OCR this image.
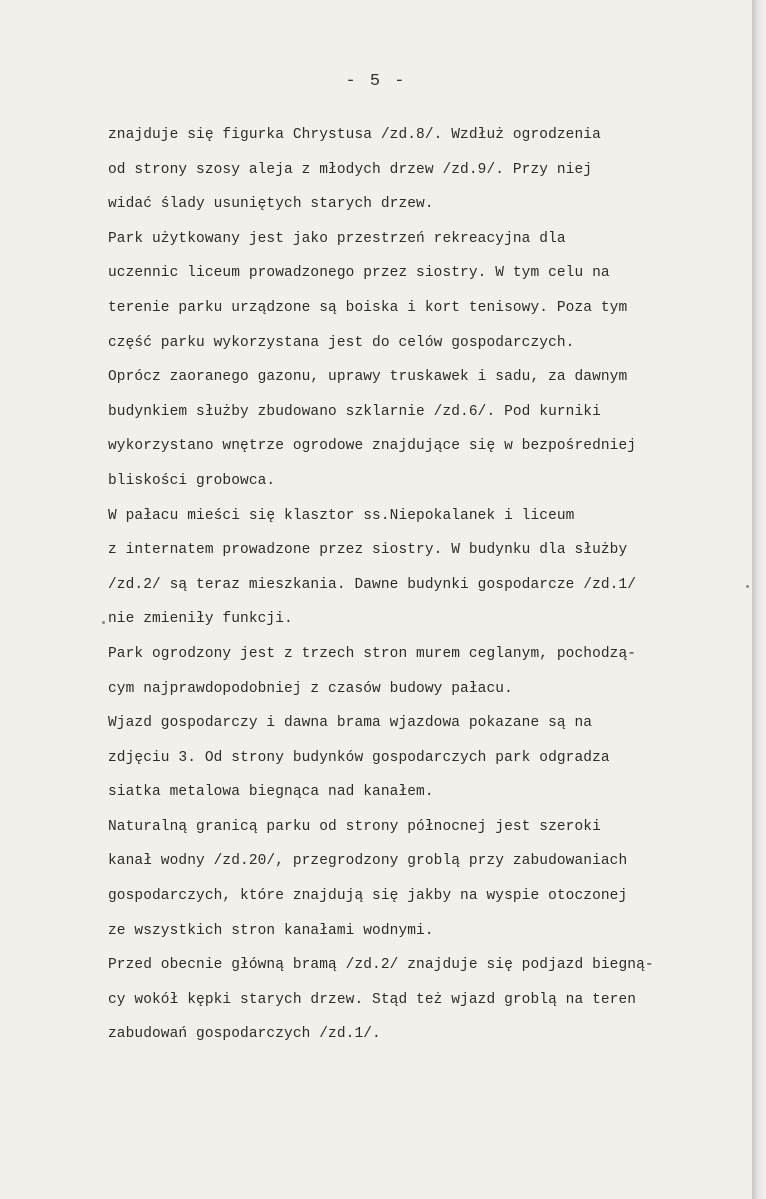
- 5 -
znajduje się figurka Chrystusa /zd.8/. Wzdłuż ogrodzenia
od strony szosy aleja z młodych drzew /zd.9/. Przy niej
widać ślady usuniętych starych drzew.
Park użytkowany jest jako przestrzeń rekreacyjna dla
uczennic liceum prowadzonego przez siostry. W tym celu na
terenie parku urządzone są boiska i kort tenisowy. Poza tym
część parku wykorzystana jest do celów gospodarczych.
Oprócz zaoranego gazonu, uprawy truskawek i sadu, za dawnym
budynkiem służby zbudowano szklarnie /zd.6/. Pod kurniki
wykorzystano wnętrze ogrodowe znajdujące się w bezpośredniej
bliskości grobowca.
W pałacu mieści się klasztor ss.Niepokalanek i liceum
z internatem prowadzone przez siostry. W budynku dla służby
/zd.2/ są teraz mieszkania. Dawne budynki gospodarcze /zd.1/
nie zmieniły funkcji.
Park ogrodzony jest z trzech stron murem ceglanym, pochodzą-
cym najprawdopodobniej z czasów budowy pałacu.
Wjazd gospodarczy i dawna brama wjazdowa pokazane są na
zdjęciu 3. Od strony budynków gospodarczych park odgradza
siatka metalowa biegnąca nad kanałem.
Naturalną granicą parku od strony północnej jest szeroki
kanał wodny /zd.20/, przegrodzony groblą przy zabudowaniach
gospodarczych, które znajdują się jakby na wyspie otoczonej
ze wszystkich stron kanałami wodnymi.
Przed obecnie główną bramą /zd.2/ znajduje się podjazd biegną-
cy wokół kępki starych drzew. Stąd też wjazd groblą na teren
zabudowań gospodarczych /zd.1/.
